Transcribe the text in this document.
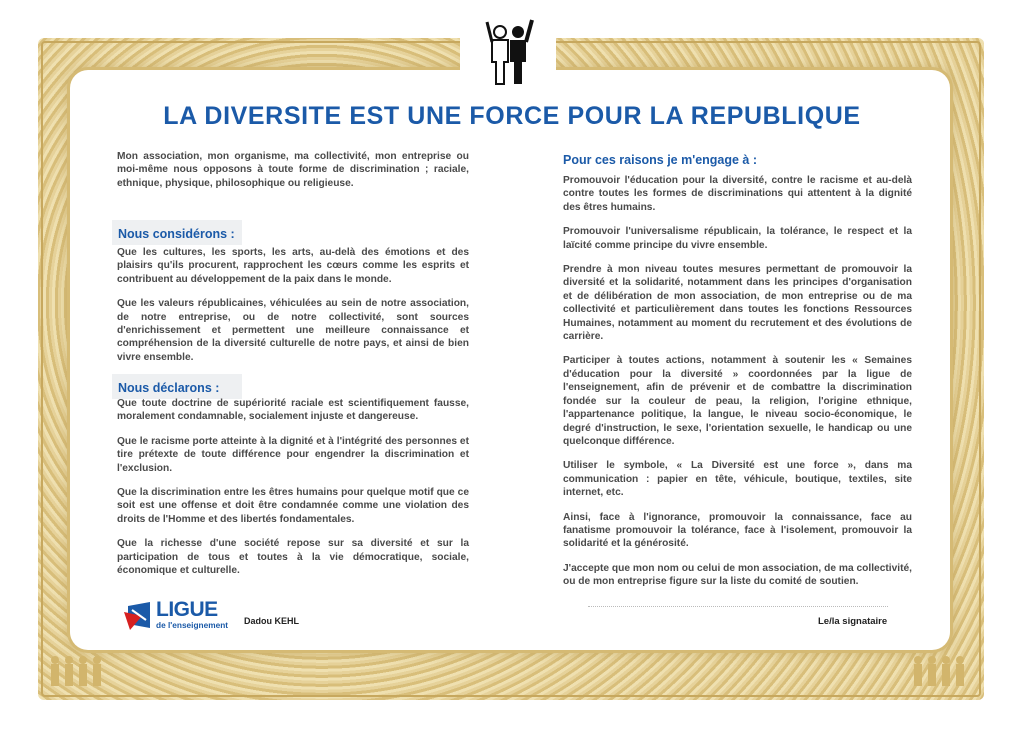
LA DIVERSITE EST UNE FORCE POUR LA REPUBLIQUE
Mon association, mon organisme, ma collectivité, mon entreprise ou moi-même nous opposons à toute forme de discrimination ; raciale, ethnique, physique, philosophique ou religieuse.
Nous considérons :
Que les cultures, les sports, les arts, au-delà des émotions et des plaisirs qu'ils procurent, rapprochent les cœurs comme les esprits et contribuent au développement de la paix dans le monde.
Que les valeurs républicaines, véhiculées au sein de notre association, de notre entreprise, ou de notre collectivité, sont sources d'enrichissement et permettent une meilleure connaissance et compréhension de la diversité culturelle de notre pays, et ainsi de bien vivre ensemble.
Nous déclarons :
Que toute doctrine de supériorité raciale est scientifiquement fausse, moralement condamnable, socialement injuste et dangereuse.
Que le racisme porte atteinte à la dignité et à l'intégrité des personnes et tire prétexte de toute différence pour engendrer la discrimination et l'exclusion.
Que la discrimination entre les êtres humains pour quelque motif que ce soit est une offense et doit être condamnée comme une violation des droits de l'Homme et des libertés fondamentales.
Que la richesse d'une société repose sur sa diversité et sur la participation de tous et toutes à la vie démocratique, sociale, économique et culturelle.
Pour ces raisons je m'engage à :
Promouvoir l'éducation pour la diversité, contre le racisme et au-delà contre toutes les formes de discriminations qui attentent à la dignité des êtres humains.
Promouvoir l'universalisme républicain, la tolérance, le respect et la laïcité comme principe du vivre ensemble.
Prendre à mon niveau toutes mesures permettant de promouvoir la diversité et la solidarité, notamment dans les principes d'organisation et de délibération de mon association, de mon entreprise ou de ma collectivité et particulièrement dans toutes les fonctions Ressources Humaines, notamment au moment du recrutement et des évolutions de carrière.
Participer à toutes actions, notamment à soutenir les « Semaines d'éducation pour la diversité » coordonnées par la ligue de l'enseignement, afin de prévenir et de combattre la discrimination fondée sur la couleur de peau, la religion, l'origine ethnique, l'appartenance politique, la langue, le niveau socio-économique, le degré d'instruction, le sexe, l'orientation sexuelle, le handicap ou une quelconque différence.
Utiliser le symbole, « La Diversité est une force », dans ma communication : papier en tête, véhicule, boutique, textiles, site internet, etc.
Ainsi, face à l'ignorance, promouvoir la connaissance, face au fanatisme promouvoir la tolérance, face à l'isolement, promouvoir la solidarité et la générosité.
J'accepte que mon nom ou celui de mon association, de ma collectivité, ou de mon entreprise figure sur la liste du comité de soutien.
LIGUE
de l'enseignement Dadou KEHL	Le/la signataire
